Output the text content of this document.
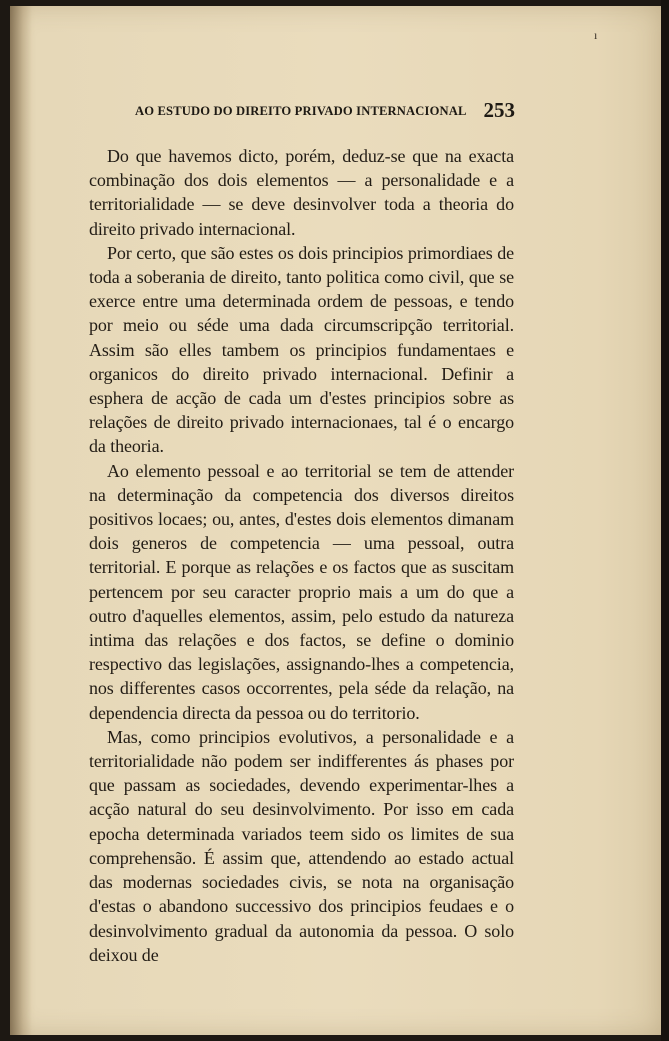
ı
AO ESTUDO DO DIREITO PRIVADO INTERNACIONAL 253

Do que havemos dicto, porém, deduz-se que na exacta combinação dos dois elementos — a personalidade e a territorialidade — se deve desinvolver toda a theoria do direito privado internacional.

Por certo, que são estes os dois principios primordiaes de toda a soberania de direito, tanto politica como civil, que se exerce entre uma determinada ordem de pessoas, e tendo por meio ou séde uma dada circumscripção territorial. Assim são elles tambem os principios fundamentaes e organicos do direito privado internacional. Definir a esphera de acção de cada um d'estes principios sobre as relações de direito privado internacionaes, tal é o encargo da theoria.

Ao elemento pessoal e ao territorial se tem de attender na determinação da competencia dos diversos direitos positivos locaes; ou, antes, d'estes dois elementos dimanam dois generos de competencia — uma pessoal, outra territorial. E porque as relações e os factos que as suscitam pertencem por seu caracter proprio mais a um do que a outro d'aquelles elementos, assim, pelo estudo da natureza intima das relações e dos factos, se define o dominio respectivo das legislações, assignando-lhes a competencia, nos differentes casos occorrentes, pela séde da relação, na dependencia directa da pessoa ou do territorio.

Mas, como principios evolutivos, a personalidade e a territorialidade não podem ser indifferentes ás phases por que passam as sociedades, devendo experimentar-lhes a acção natural do seu desinvolvimento. Por isso em cada epocha determinada variados teem sido os limites de sua comprehensão. É assim que, attendendo ao estado actual das modernas sociedades civis, se nota na organisação d'estas o abandono successivo dos principios feudaes e o desinvolvimento gradual da autonomia da pessoa. O solo deixou de
